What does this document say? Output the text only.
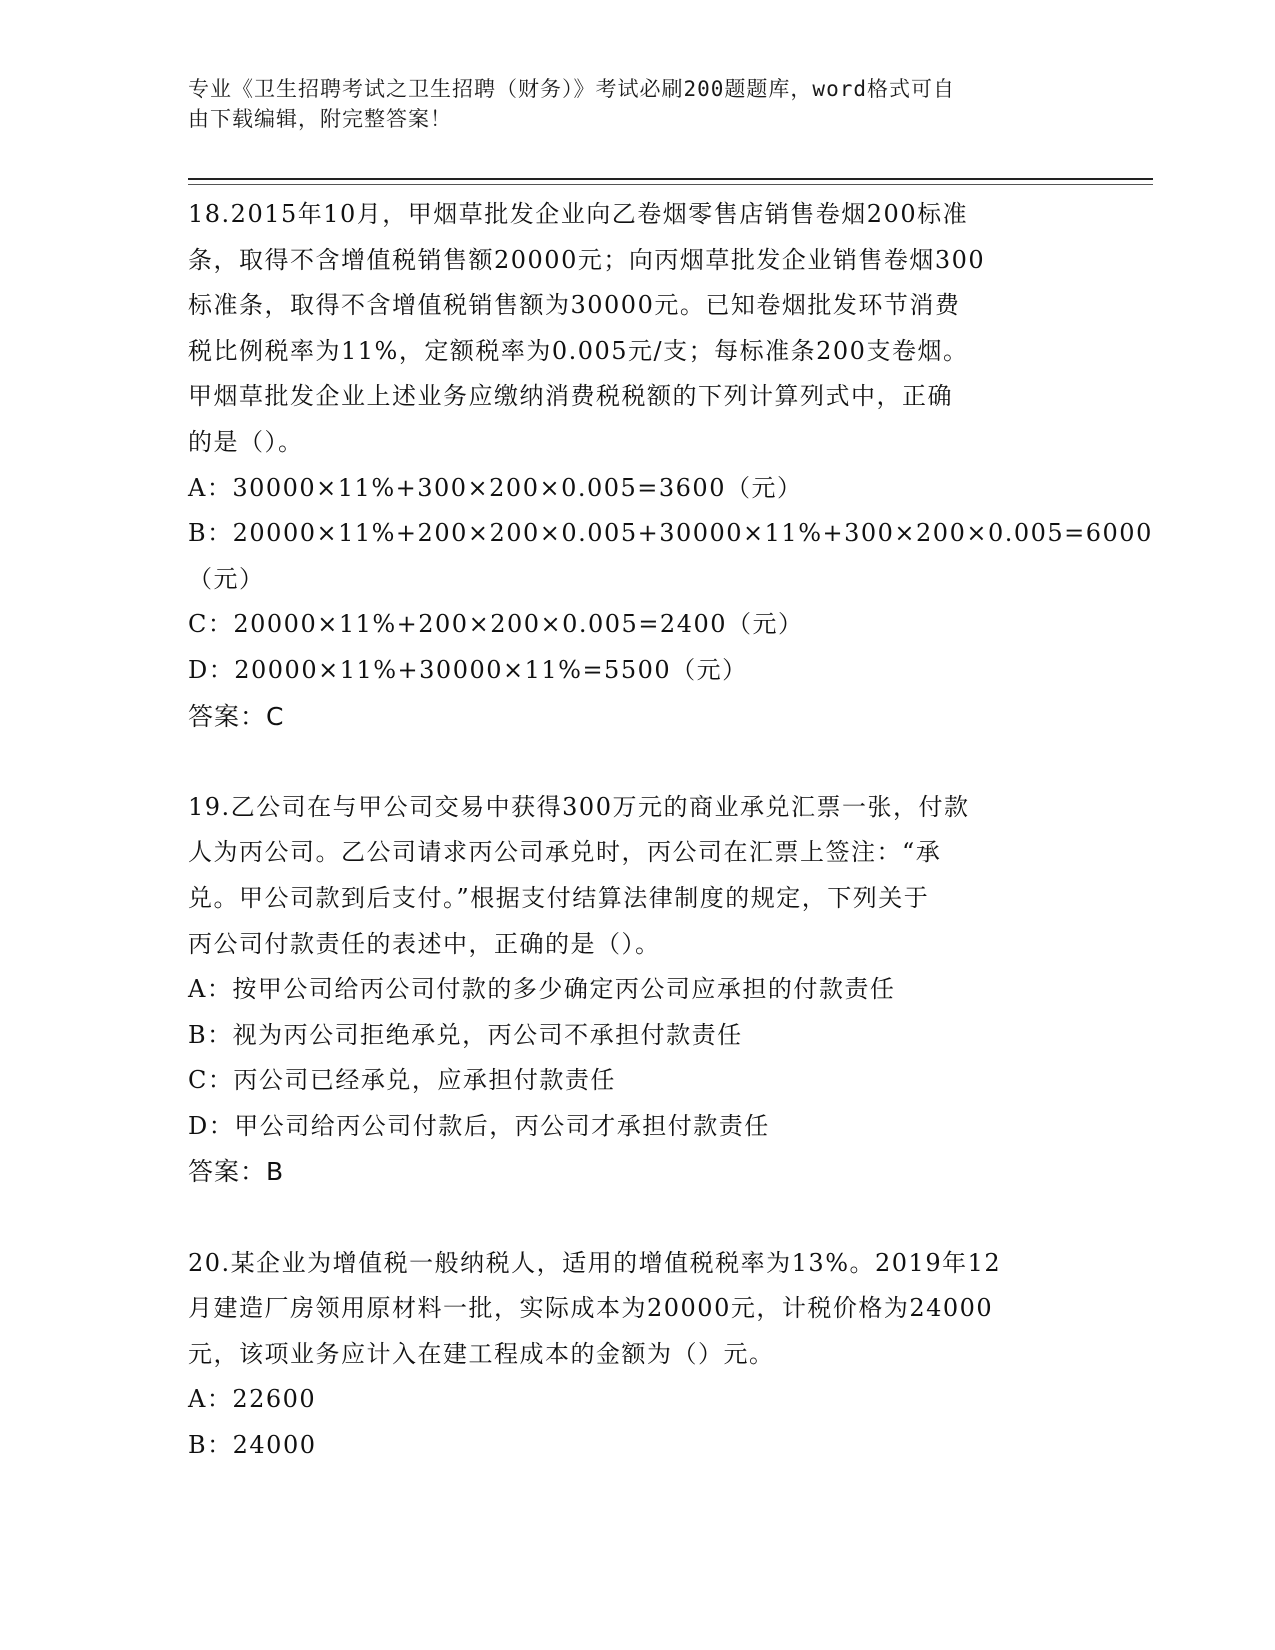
专业《卫生招聘考试之卫生招聘（财务）》考试必刷200题题库，word格式可自
由下载编辑，附完整答案！
18.2015年10月，甲烟草批发企业向乙卷烟零售店销售卷烟200标准
条，取得不含增值税销售额20000元；向丙烟草批发企业销售卷烟300
标准条，取得不含增值税销售额为30000元。已知卷烟批发环节消费
税比例税率为11%，定额税率为0.005元/支；每标准条200支卷烟。
甲烟草批发企业上述业务应缴纳消费税税额的下列计算列式中，正确
的是（）。
A：30000×11%+300×200×0.005=3600（元）
B：20000×11%+200×200×0.005+30000×11%+300×200×0.005=6000
（元）
C：20000×11%+200×200×0.005=2400（元）
D：20000×11%+30000×11%=5500（元）
答案：C
19.乙公司在与甲公司交易中获得300万元的商业承兑汇票一张，付款
人为丙公司。乙公司请求丙公司承兑时，丙公司在汇票上签注：“承
兑。甲公司款到后支付。”根据支付结算法律制度的规定，下列关于
丙公司付款责任的表述中，正确的是（）。
A：按甲公司给丙公司付款的多少确定丙公司应承担的付款责任
B：视为丙公司拒绝承兑，丙公司不承担付款责任
C：丙公司已经承兑，应承担付款责任
D：甲公司给丙公司付款后，丙公司才承担付款责任
答案：B
20.某企业为增值税一般纳税人，适用的增值税税率为13%。2019年12
月建造厂房领用原材料一批，实际成本为20000元，计税价格为24000
元，该项业务应计入在建工程成本的金额为（）元。
A：22600
B：24000
